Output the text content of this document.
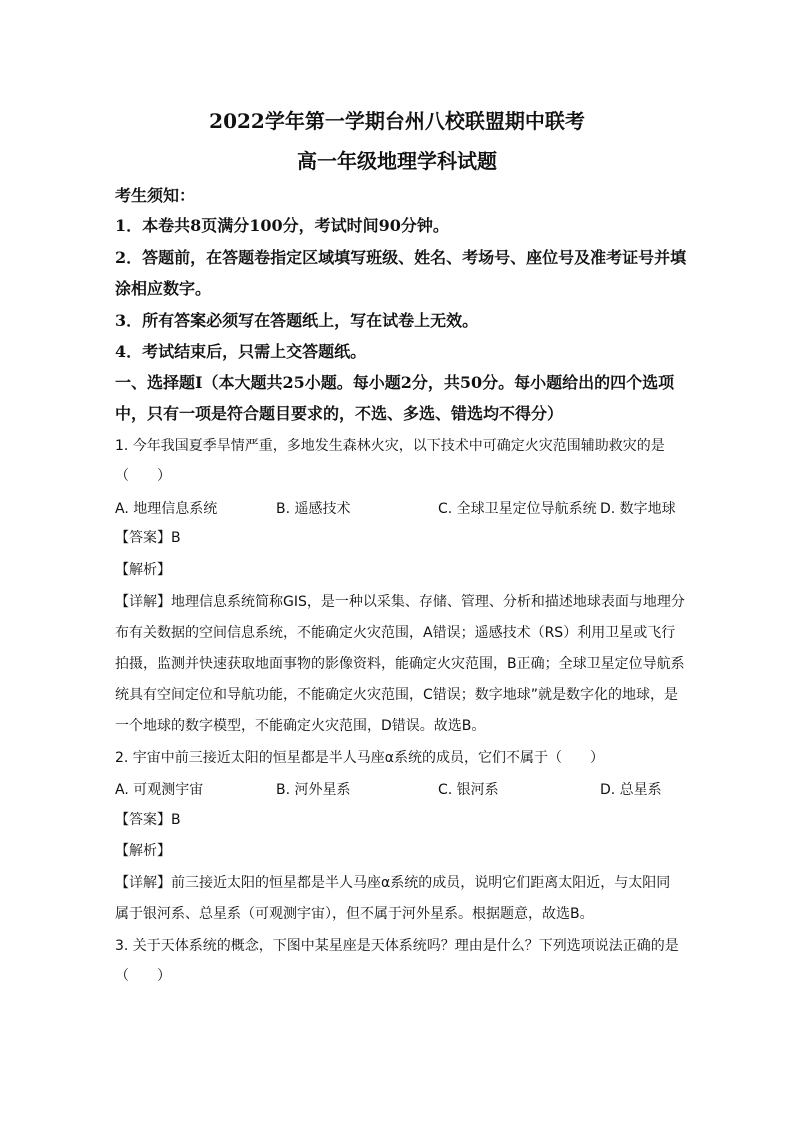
2022学年第一学期台州八校联盟期中联考
高一年级地理学科试题
考生须知：
1．本卷共8页满分100分，考试时间90分钟。
2．答题前，在答题卷指定区域填写班级、姓名、考场号、座位号及准考证号并填
涂相应数字。
3．所有答案必须写在答题纸上，写在试卷上无效。
4．考试结束后，只需上交答题纸。
一、选择题Ⅰ（本大题共25小题。每小题2分，共50分。每小题给出的四个选项
中，只有一项是符合题目要求的，不选、多选、错选均不得分）
1. 今年我国夏季旱情严重，多地发生森林火灾，以下技术中可确定火灾范围辅助救灾的是
（　　）
A. 地理信息系统	B. 遥感技术	C. 全球卫星定位导航系统 D. 数字地球
【答案】B
【解析】
【详解】地理信息系统简称GIS，是一种以采集、存储、管理、分析和描述地球表面与地理分
布有关数据的空间信息系统，不能确定火灾范围，A错误；遥感技术（RS）利用卫星或飞行
拍摄，监测并快速获取地面事物的影像资料，能确定火灾范围，B正确；全球卫星定位导航系
统具有空间定位和导航功能，不能确定火灾范围，C错误；数字地球”就是数字化的地球，是
一个地球的数字模型，不能确定火灾范围，D错误。故选B。
2. 宇宙中前三接近太阳的恒星都是半人马座α系统的成员，它们不属于（　　）
A. 可观测宇宙	B. 河外星系	C. 银河系	D. 总星系
【答案】B
【解析】
【详解】前三接近太阳的恒星都是半人马座α系统的成员，说明它们距离太阳近，与太阳同
属于银河系、总星系（可观测宇宙），但不属于河外星系。根据题意，故选B。
3. 关于天体系统的概念，下图中某星座是天体系统吗？理由是什么？下列选项说法正确的是
（　　）
